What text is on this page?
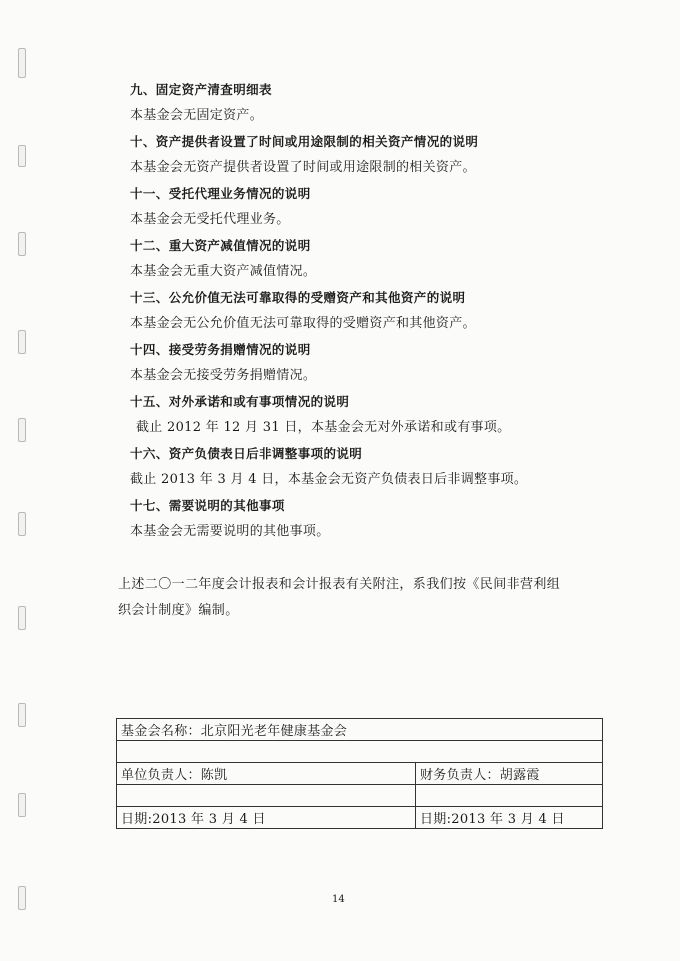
九、固定资产清查明细表
本基金会无固定资产。
十、资产提供者设置了时间或用途限制的相关资产情况的说明
本基金会无资产提供者设置了时间或用途限制的相关资产。
十一、受托代理业务情况的说明
本基金会无受托代理业务。
十二、重大资产减值情况的说明
本基金会无重大资产减值情况。
十三、公允价值无法可靠取得的受赠资产和其他资产的说明
本基金会无公允价值无法可靠取得的受赠资产和其他资产。
十四、接受劳务捐赠情况的说明
本基金会无接受劳务捐赠情况。
十五、对外承诺和或有事项情况的说明
截止 2012 年 12 月 31 日，本基金会无对外承诺和或有事项。
十六、资产负债表日后非调整事项的说明
截止 2013 年 3 月 4 日，本基金会无资产负债表日后非调整事项。
十七、需要说明的其他事项
本基金会无需要说明的其他事项。
上述二〇一二年度会计报表和会计报表有关附注，系我们按《民间非营利组
织会计制度》编制。
基金会名称：北京阳光老年健康基金会	

单位负责人：陈凯	财务负责人：胡露霞

日期:2013 年 3 月 4 日	日期:2013 年 3 月 4 日
14
